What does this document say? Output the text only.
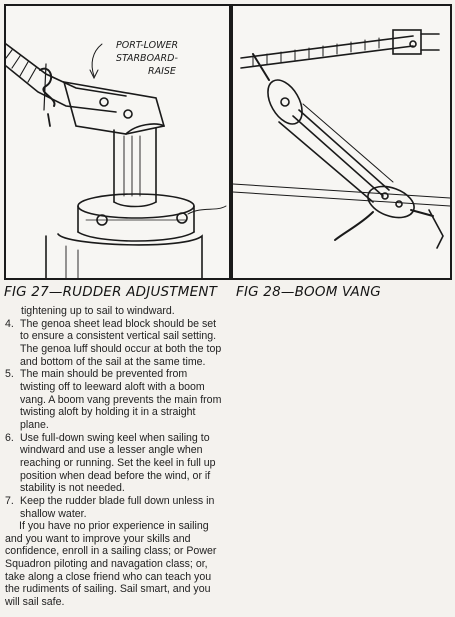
PORT-LOWER
STARBOARD-
RAISE
FIG 27—RUDDER ADJUSTMENT FIG 28—BOOM VANG
tightening up to sail to windward.
4. The genoa sheet lead block should be set to ensure a consistent vertical sail setting. The genoa luff should occur at both the top and bottom of the sail at the same time.
5. The main should be prevented from twisting off to leeward aloft with a boom vang. A boom vang prevents the main from twisting aloft by holding it in a straight plane.
6. Use full-down swing keel when sailing to windward and use a lesser angle when reaching or running. Set the keel in full up position when dead before the wind, or if stability is not needed.
7. Keep the rudder blade full down unless in shallow water.
If you have no prior experience in sailing and you want to improve your skills and confidence, enroll in a sailing class; or Power Squadron piloting and navagation class; or, take along a close friend who can teach you the rudiments of sailing. Sail smart, and you will sail safe.
